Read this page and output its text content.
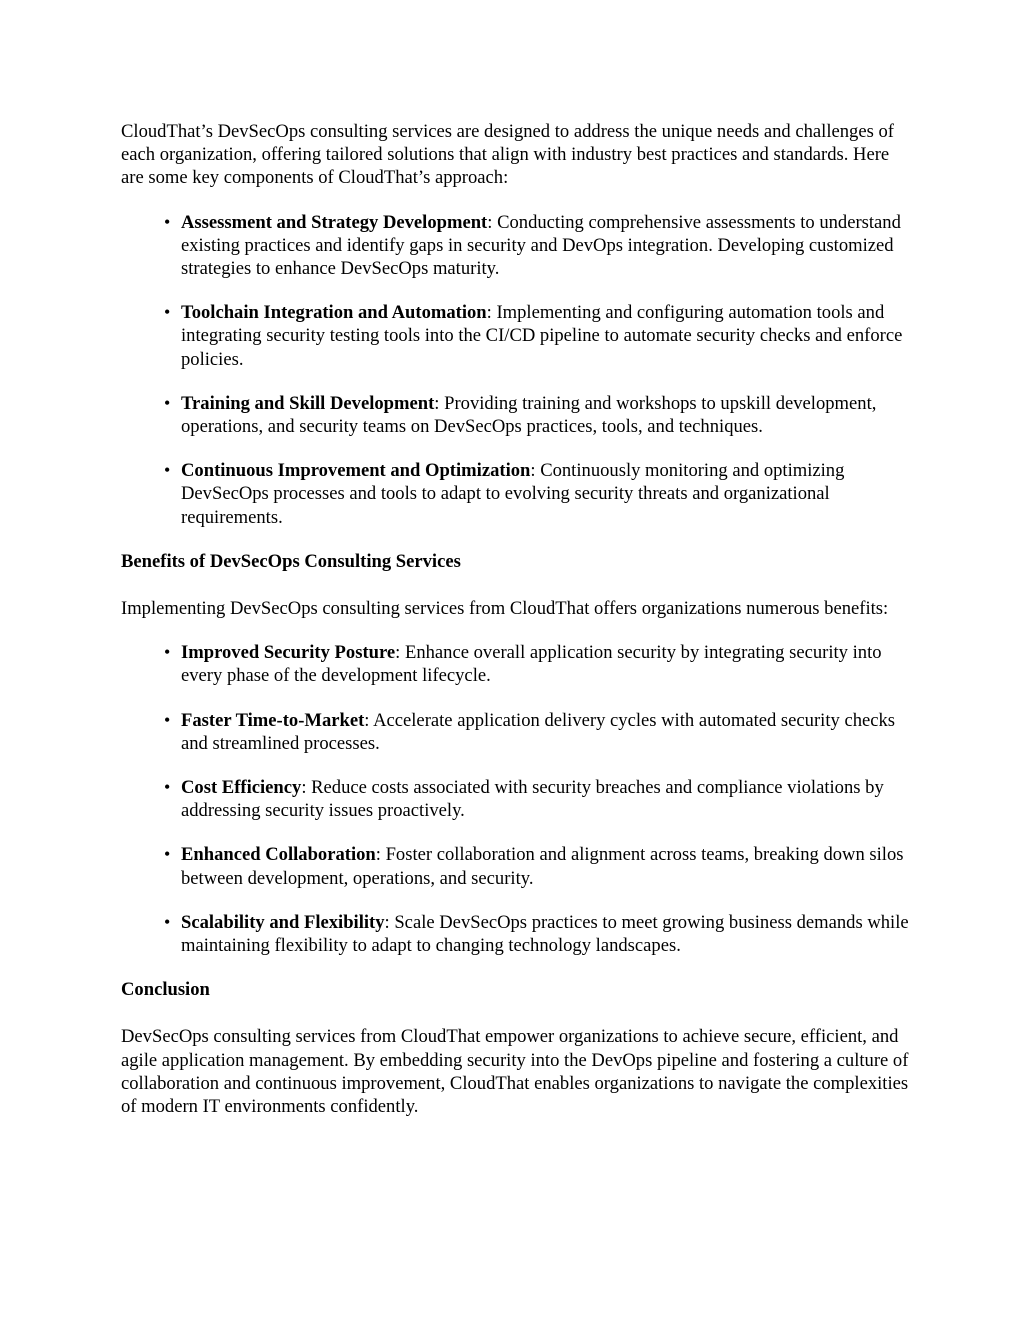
CloudThat’s DevSecOps consulting services are designed to address the unique needs and challenges of each organization, offering tailored solutions that align with industry best practices and standards. Here are some key components of CloudThat’s approach:

• Assessment and Strategy Development: Conducting comprehensive assessments to understand existing practices and identify gaps in security and DevOps integration. Developing customized strategies to enhance DevSecOps maturity.
• Toolchain Integration and Automation: Implementing and configuring automation tools and integrating security testing tools into the CI/CD pipeline to automate security checks and enforce policies.
• Training and Skill Development: Providing training and workshops to upskill development, operations, and security teams on DevSecOps practices, tools, and techniques.
• Continuous Improvement and Optimization: Continuously monitoring and optimizing DevSecOps processes and tools to adapt to evolving security threats and organizational requirements.
Benefits of DevSecOps Consulting Services

Implementing DevSecOps consulting services from CloudThat offers organizations numerous benefits:

• Improved Security Posture: Enhance overall application security by integrating security into every phase of the development lifecycle.
• Faster Time-to-Market: Accelerate application delivery cycles with automated security checks and streamlined processes.
• Cost Efficiency: Reduce costs associated with security breaches and compliance violations by addressing security issues proactively.
• Enhanced Collaboration: Foster collaboration and alignment across teams, breaking down silos between development, operations, and security.
• Scalability and Flexibility: Scale DevSecOps practices to meet growing business demands while maintaining flexibility to adapt to changing technology landscapes.
Conclusion

DevSecOps consulting services from CloudThat empower organizations to achieve secure, efficient, and agile application management. By embedding security into the DevOps pipeline and fostering a culture of collaboration and continuous improvement, CloudThat enables organizations to navigate the complexities of modern IT environments confidently.
